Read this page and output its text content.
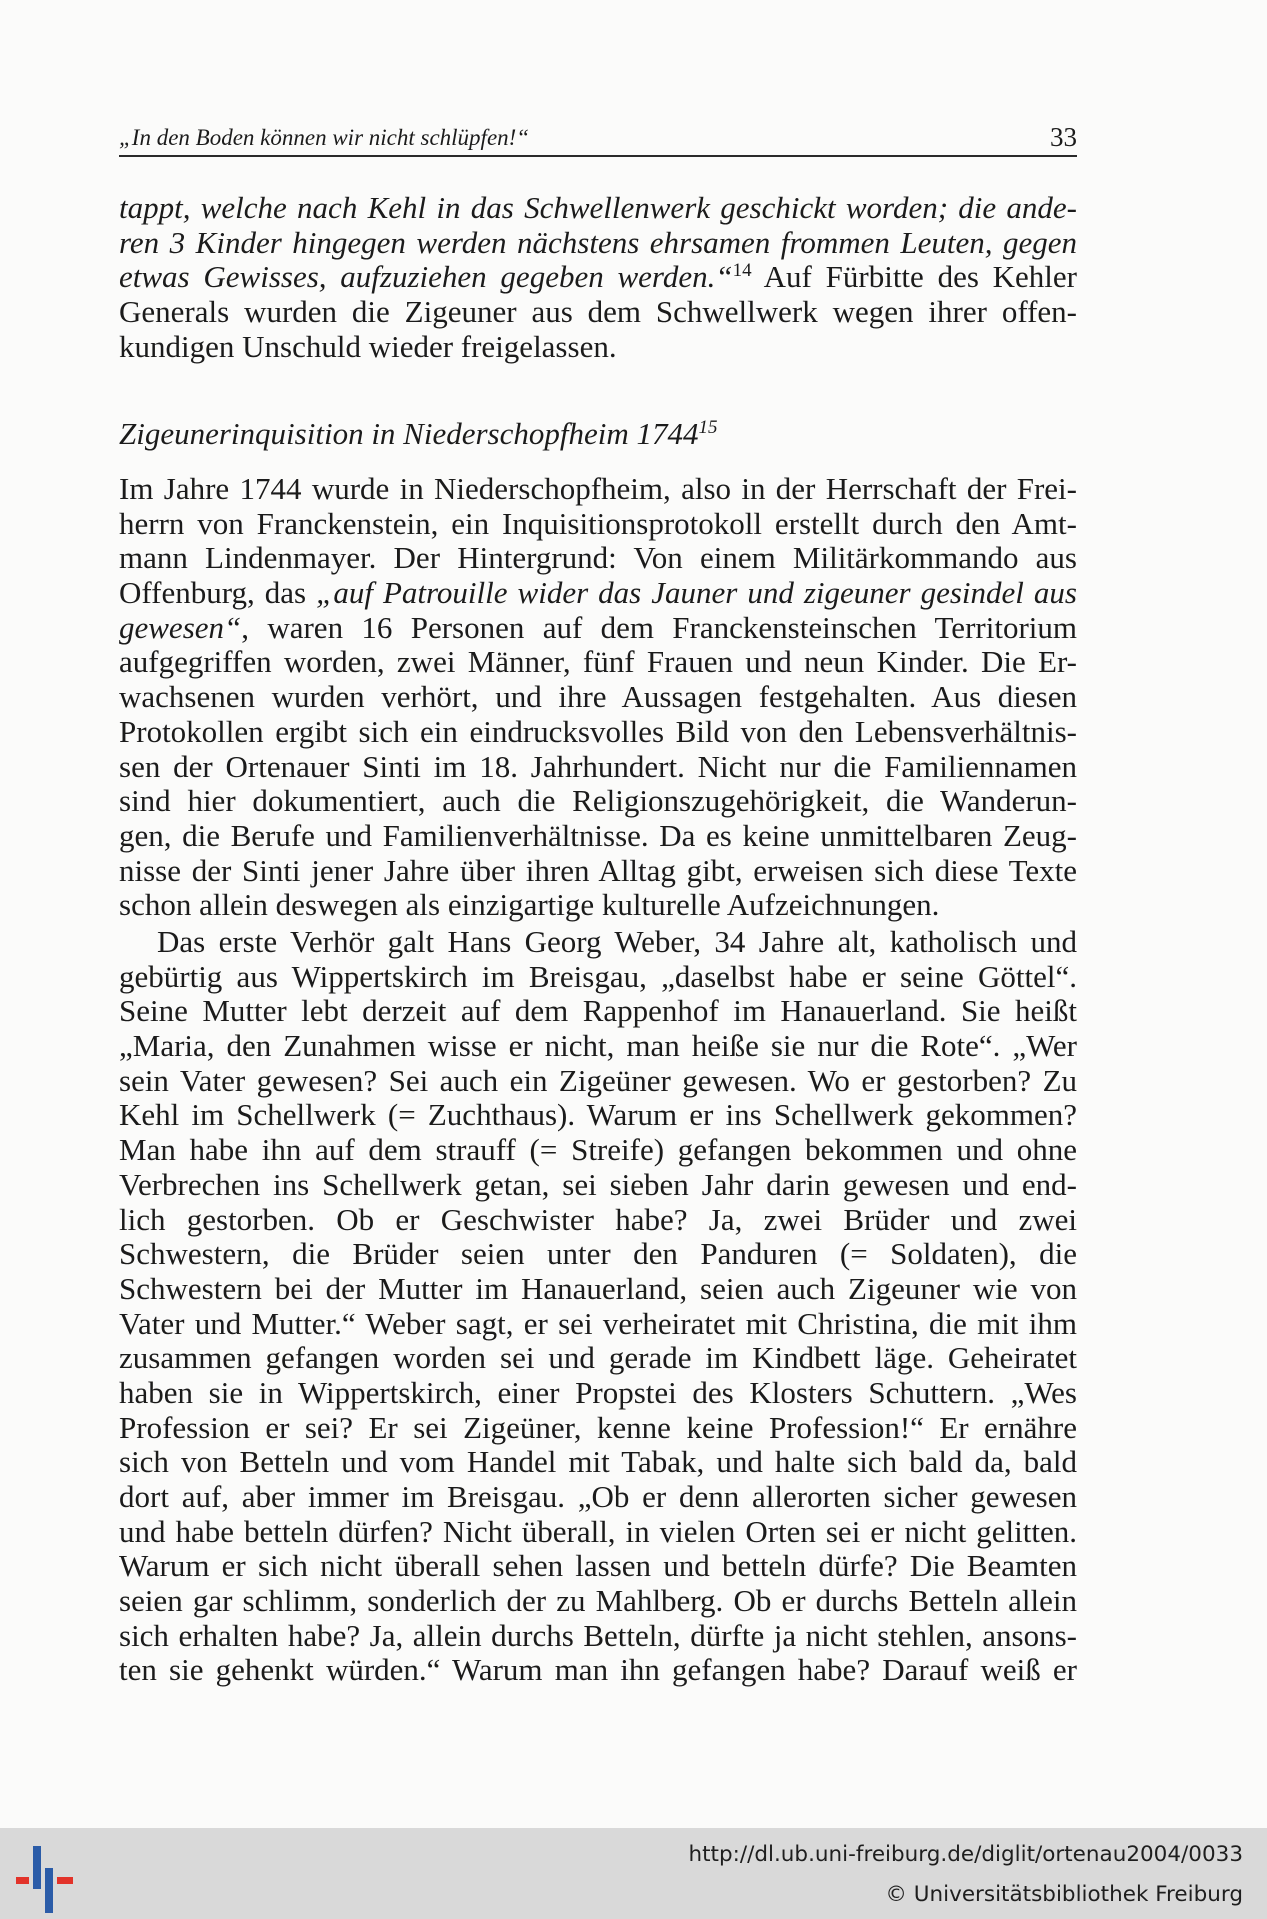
„In den Boden können wir nicht schlüpfen!“	33
tappt, welche nach Kehl in das Schwellenwerk geschickt worden; die ande-
ren 3 Kinder hingegen werden nächstens ehrsamen frommen Leuten, gegen
etwas Gewisses, aufzuziehen gegeben werden.“$^{14}$ Auf Fürbitte des Kehler
Generals wurden die Zigeuner aus dem Schwellwerk wegen ihrer offen-
kundigen Unschuld wieder freigelassen.
Zigeunerinquisition in Niederschopfheim 1744$^{15}$
Im Jahre 1744 wurde in Niederschopfheim, also in der Herrschaft der Frei-
herrn von Franckenstein, ein Inquisitionsprotokoll erstellt durch den Amt-
mann Lindenmayer. Der Hintergrund: Von einem Militärkommando aus
Offenburg, das „auf Patrouille wider das Jauner und zigeuner gesindel aus
gewesen“, waren 16 Personen auf dem Franckensteinschen Territorium
aufgegriffen worden, zwei Männer, fünf Frauen und neun Kinder. Die Er-
wachsenen wurden verhört, und ihre Aussagen festgehalten. Aus diesen
Protokollen ergibt sich ein eindrucksvolles Bild von den Lebensverhältnis-
sen der Ortenauer Sinti im 18. Jahrhundert. Nicht nur die Familiennamen
sind hier dokumentiert, auch die Religionszugehörigkeit, die Wanderun-
gen, die Berufe und Familienverhältnisse. Da es keine unmittelbaren Zeug-
nisse der Sinti jener Jahre über ihren Alltag gibt, erweisen sich diese Texte
schon allein deswegen als einzigartige kulturelle Aufzeichnungen.
Das erste Verhör galt Hans Georg Weber, 34 Jahre alt, katholisch und
gebürtig aus Wippertskirch im Breisgau, „daselbst habe er seine Göttel“.
Seine Mutter lebt derzeit auf dem Rappenhof im Hanauerland. Sie heißt
„Maria, den Zunahmen wisse er nicht, man heiße sie nur die Rote“. „Wer
sein Vater gewesen? Sei auch ein Zigeüner gewesen. Wo er gestorben? Zu
Kehl im Schellwerk (= Zuchthaus). Warum er ins Schellwerk gekommen?
Man habe ihn auf dem strauff (= Streife) gefangen bekommen und ohne
Verbrechen ins Schellwerk getan, sei sieben Jahr darin gewesen und end-
lich gestorben. Ob er Geschwister habe? Ja, zwei Brüder und zwei
Schwestern, die Brüder seien unter den Panduren (= Soldaten), die
Schwestern bei der Mutter im Hanauerland, seien auch Zigeuner wie von
Vater und Mutter.“ Weber sagt, er sei verheiratet mit Christina, die mit ihm
zusammen gefangen worden sei und gerade im Kindbett läge. Geheiratet
haben sie in Wippertskirch, einer Propstei des Klosters Schuttern. „Wes
Profession er sei? Er sei Zigeüner, kenne keine Profession!“ Er ernähre
sich von Betteln und vom Handel mit Tabak, und halte sich bald da, bald
dort auf, aber immer im Breisgau. „Ob er denn allerorten sicher gewesen
und habe betteln dürfen? Nicht überall, in vielen Orten sei er nicht gelitten.
Warum er sich nicht überall sehen lassen und betteln dürfe? Die Beamten
seien gar schlimm, sonderlich der zu Mahlberg. Ob er durchs Betteln allein
sich erhalten habe? Ja, allein durchs Betteln, dürfte ja nicht stehlen, ansons-
ten sie gehenkt würden.“ Warum man ihn gefangen habe? Darauf weiß er
http://dl.ub.uni-freiburg.de/diglit/ortenau2004/0033
© Universitätsbibliothek Freiburg
